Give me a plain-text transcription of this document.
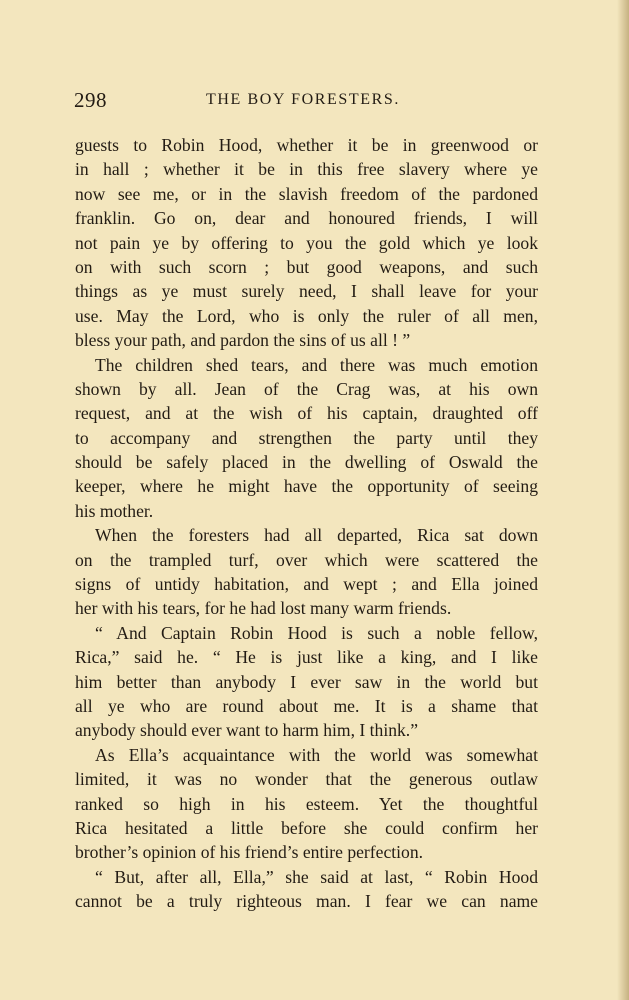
298	THE BOY FORESTERS.
guests to Robin Hood, whether it be in greenwood or
in hall ; whether it be in this free slavery where ye
now see me, or in the slavish freedom of the pardoned
franklin. Go on, dear and honoured friends, I will
not pain ye by offering to you the gold which ye look
on with such scorn ; but good weapons, and such
things as ye must surely need, I shall leave for your
use. May the Lord, who is only the ruler of all men,
bless your path, and pardon the sins of us all ! ”
The children shed tears, and there was much emotion
shown by all. Jean of the Crag was, at his own
request, and at the wish of his captain, draughted off
to accompany and strengthen the party until they
should be safely placed in the dwelling of Oswald the
keeper, where he might have the opportunity of seeing
his mother.
When the foresters had all departed, Rica sat down
on the trampled turf, over which were scattered the
signs of untidy habitation, and wept ; and Ella joined
her with his tears, for he had lost many warm friends.
“ And Captain Robin Hood is such a noble fellow,
Rica,” said he. “ He is just like a king, and I like
him better than anybody I ever saw in the world but
all ye who are round about me. It is a shame that
anybody should ever want to harm him, I think.”
As Ella’s acquaintance with the world was somewhat
limited, it was no wonder that the generous outlaw
ranked so high in his esteem. Yet the thoughtful
Rica hesitated a little before she could confirm her
brother’s opinion of his friend’s entire perfection.
“ But, after all, Ella,” she said at last, “ Robin Hood
cannot be a truly righteous man. I fear we can name
